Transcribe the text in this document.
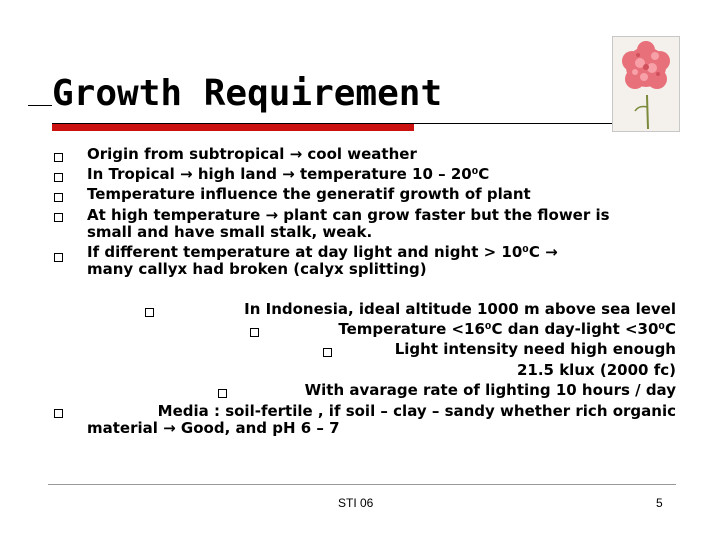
Growth Requirement
Origin from subtropical → cool weather
In Tropical → high land → temperature 10 – 20⁰C
Temperature influence the generatif growth of plant
At high temperature → plant can grow faster but the flower is
small and have small stalk, weak.
If different temperature at day light and night > 10⁰C →
many callyx had broken (calyx splitting)
In Indonesia, ideal altitude 1000 m above sea level
Temperature <16⁰C dan day-light <30⁰C
Light intensity need high enough
21.5 klux (2000 fc)
With avarage rate of lighting 10 hours / day
Media : soil-fertile , if soil – clay – sandy whether rich organic
material → Good, and pH 6 – 7
STI 06	5
